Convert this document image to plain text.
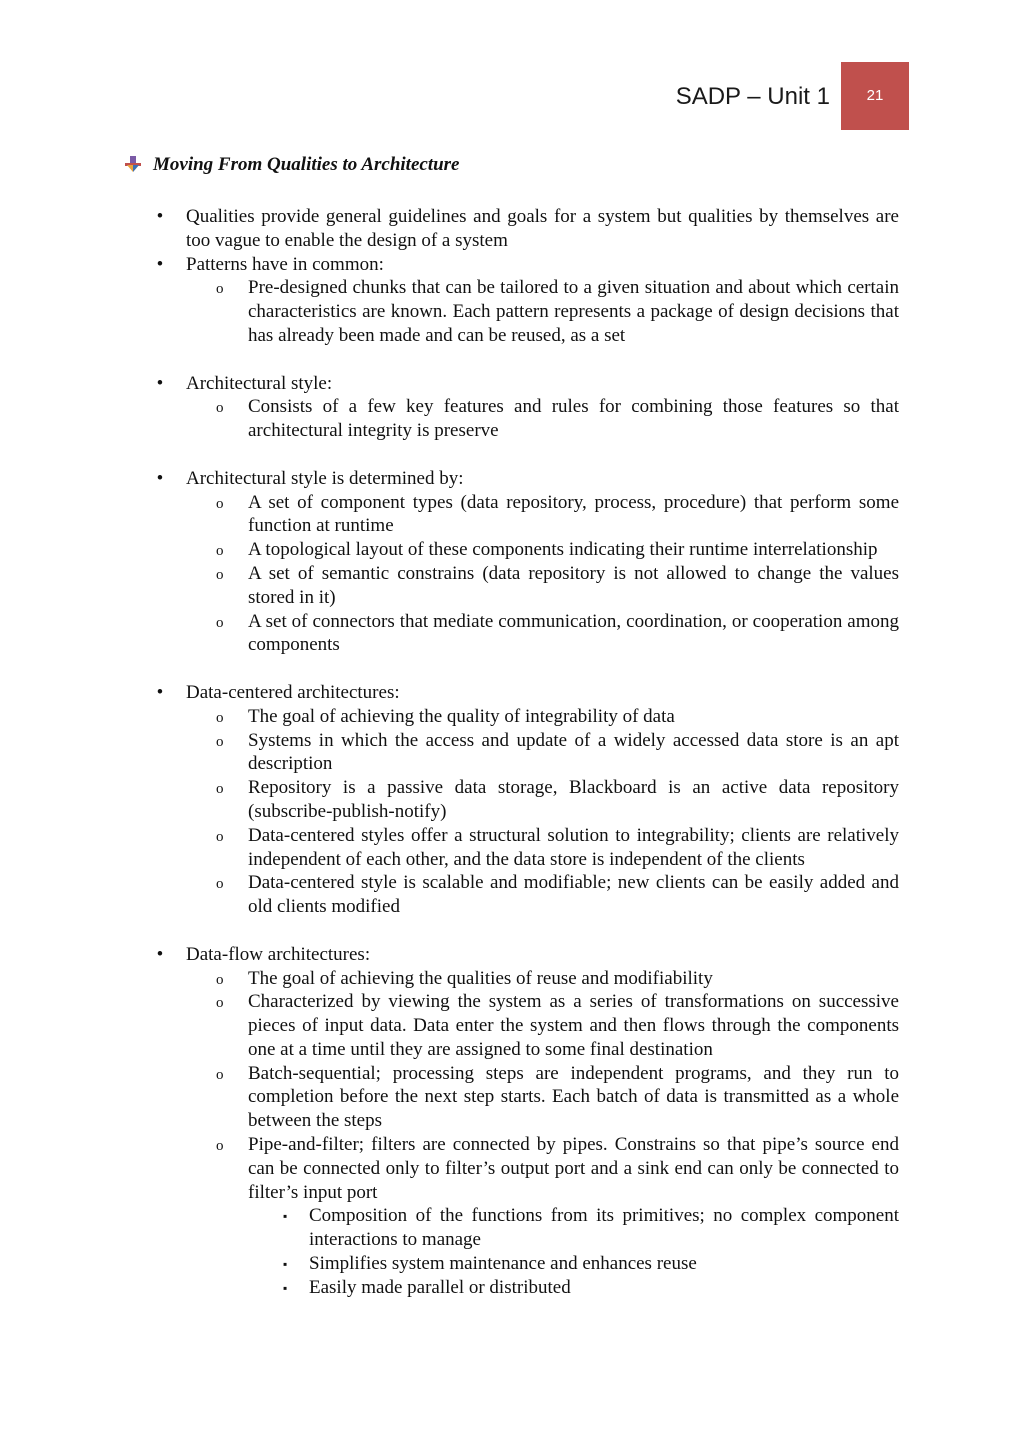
SADP – Unit 1	21
Moving From Qualities to Architecture
• Qualities provide general guidelines and goals for a system but qualities by themselves are too vague to enable the design of a system
• Patterns have in common:
o Pre-designed chunks that can be tailored to a given situation and about which certain characteristics are known. Each pattern represents a package of design decisions that has already been made and can be reused, as a set
• Architectural style:
o Consists of a few key features and rules for combining those features so that architectural integrity is preserve
• Architectural style is determined by:
o A set of component types (data repository, process, procedure) that perform some function at runtime
o A topological layout of these components indicating their runtime interrelationship
o A set of semantic constrains (data repository is not allowed to change the values stored in it)
o A set of connectors that mediate communication, coordination, or cooperation among components
• Data-centered architectures:
o The goal of achieving the quality of integrability of data
o Systems in which the access and update of a widely accessed data store is an apt description
o Repository is a passive data storage, Blackboard is an active data repository (subscribe-publish-notify)
o Data-centered styles offer a structural solution to integrability; clients are relatively independent of each other, and the data store is independent of the clients
o Data-centered style is scalable and modifiable; new clients can be easily added and old clients modified
• Data-flow architectures:
o The goal of achieving the qualities of reuse and modifiability
o Characterized by viewing the system as a series of transformations on successive pieces of input data. Data enter the system and then flows through the components one at a time until they are assigned to some final destination
o Batch-sequential; processing steps are independent programs, and they run to completion before the next step starts. Each batch of data is transmitted as a whole between the steps
o Pipe-and-filter; filters are connected by pipes. Constrains so that pipe’s source end can be connected only to filter’s output port and a sink end can only be connected to filter’s input port
▪ Composition of the functions from its primitives; no complex component interactions to manage
▪ Simplifies system maintenance and enhances reuse
▪ Easily made parallel or distributed
